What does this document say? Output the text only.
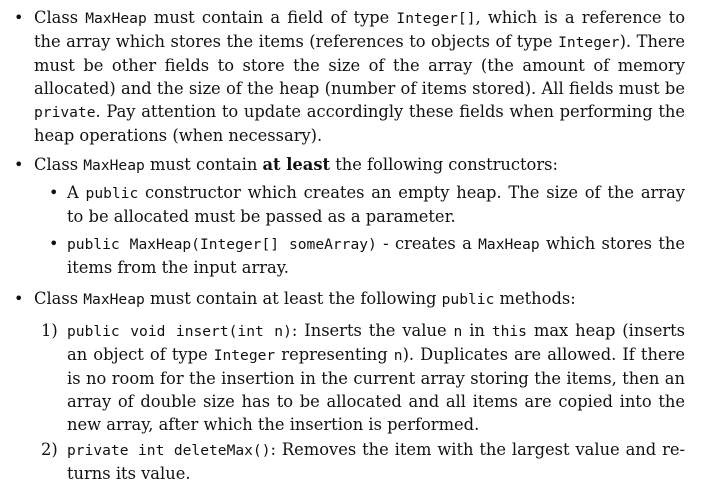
• Class MaxHeap must contain a field of type Integer[], which is a reference to the array which stores the items (references to objects of type Integer). There must be other fields to store the size of the array (the amount of memory allocated) and the size of the heap (number of items stored). All fields must be private. Pay attention to update accordingly these fields when performing the heap operations (when necessary).
• Class MaxHeap must contain at least the following constructors:
• A public constructor which creates an empty heap. The size of the array to be allocated must be passed as a parameter.
• public MaxHeap(Integer[] someArray) - creates a MaxHeap which stores the items from the input array.
• Class MaxHeap must contain at least the following public methods:
1) public void insert(int n): Inserts the value n in this max heap (inserts an object of type Integer representing n). Duplicates are allowed. If there is no room for the insertion in the current array storing the items, then an array of double size has to be allocated and all items are copied into the new array, after which the insertion is performed.
2) private int deleteMax(): Removes the item with the largest value and re-turns its value.
